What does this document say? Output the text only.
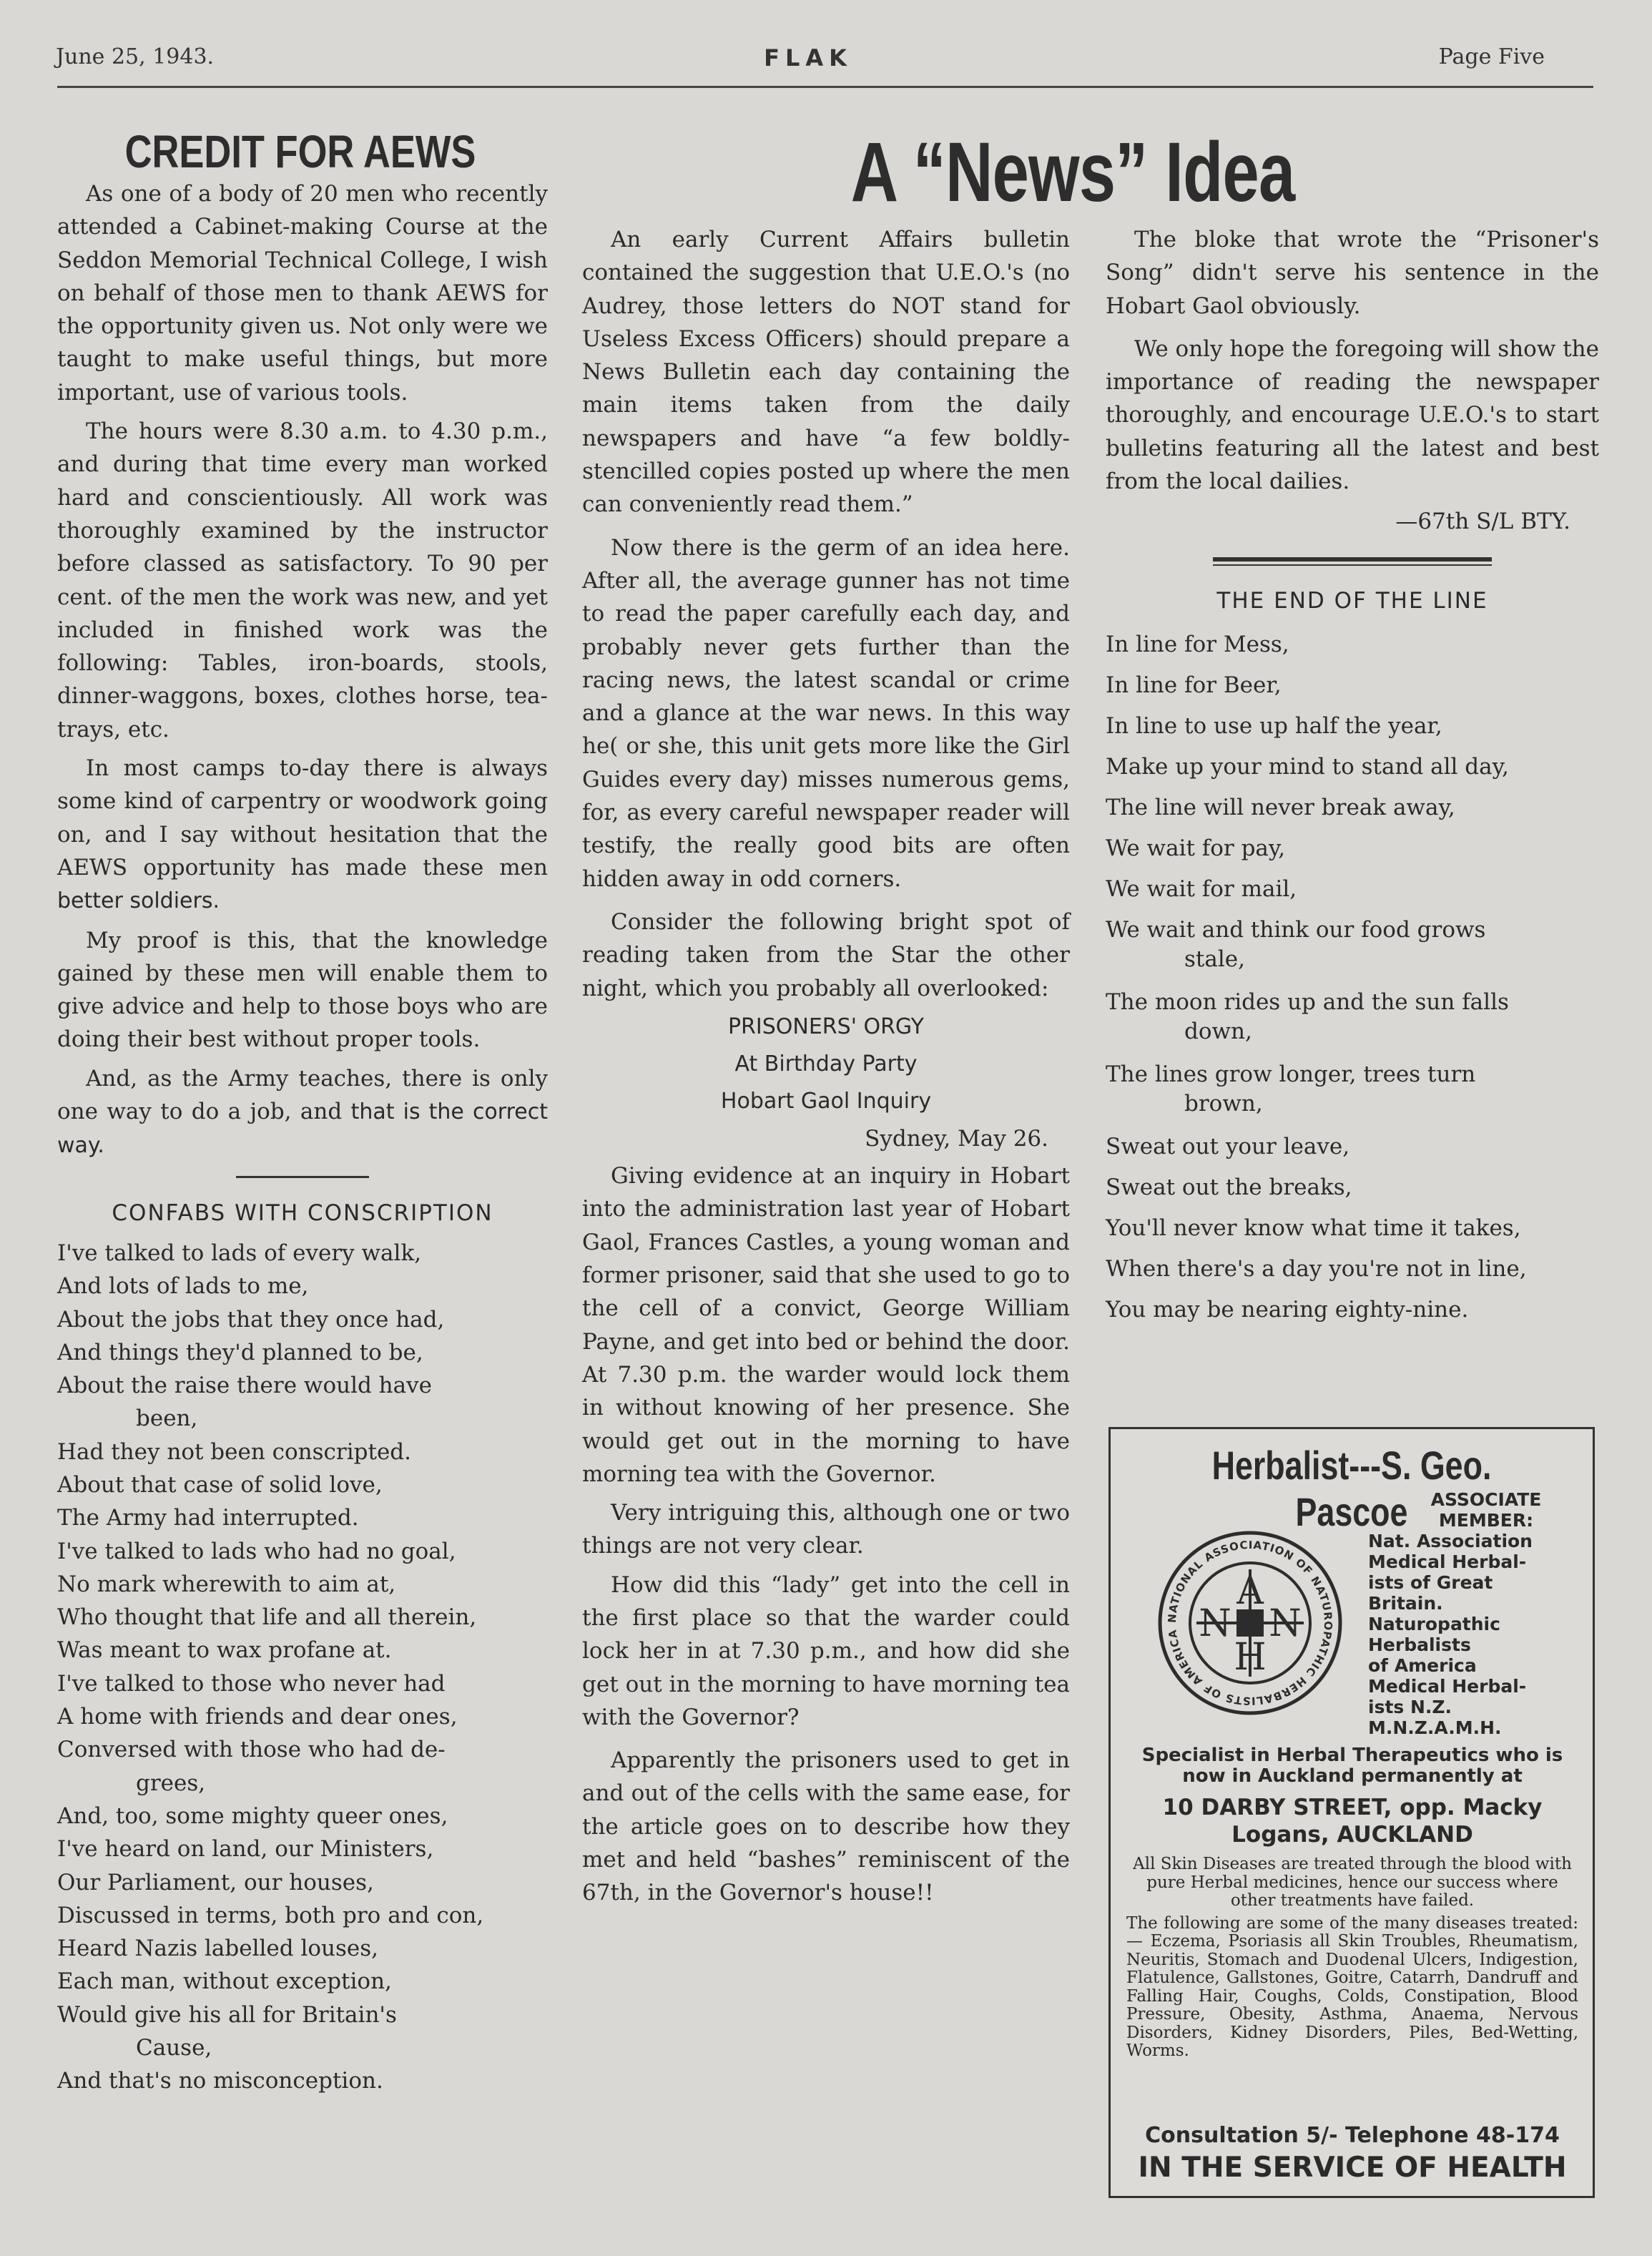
June 25, 1943.	FLAK	Page Five
CREDIT FOR AEWS	A “News” Idea

As one of a body of 20 men who recently attended a Cabinet-making Course at the Seddon Memorial Technical College, I wish on behalf of those men to thank AEWS for the opportunity given us. Not only were we taught to make useful things, but more important, use of various tools.

The hours were 8.30 a.m. to 4.30 p.m., and during that time every man worked hard and conscientiously. All work was thoroughly examined by the instructor before classed as satisfactory. To 90 per cent. of the men the work was new, and yet included in finished work was the following: Tables, iron-boards, stools, dinner-waggons, boxes, clothes horse, tea-trays, etc.

In most camps to-day there is always some kind of carpentry or woodwork going on, and I say without hesitation that the AEWS opportunity has made these men better soldiers.

My proof is this, that the knowledge gained by these men will enable them to give advice and help to those boys who are doing their best without proper tools.

And, as the Army teaches, there is only one way to do a job, and that is the correct way.

CONFABS WITH CONSCRIPTION
I've talked to lads of every walk,
And lots of lads to me,
About the jobs that they once had,
And things they'd planned to be,
About the raise there would have
been,
Had they not been conscripted.
About that case of solid love,
The Army had interrupted.
I've talked to lads who had no goal,
No mark wherewith to aim at,
Who thought that life and all therein,
Was meant to wax profane at.
I've talked to those who never had
A home with friends and dear ones,
Conversed with those who had de-
grees,
And, too, some mighty queer ones,
I've heard on land, our Ministers,
Our Parliament, our houses,
Discussed in terms, both pro and con,
Heard Nazis labelled louses,
Each man, without exception,
Would give his all for Britain's
Cause,
And that's no misconception.

An early Current Affairs bulletin contained the suggestion that U.E.O.'s (no Audrey, those letters do NOT stand for Useless Excess Officers) should prepare a News Bulletin each day containing the main items taken from the daily newspapers and have “a few boldly-stencilled copies posted up where the men can conveniently read them.”

Now there is the germ of an idea here. After all, the average gunner has not time to read the paper carefully each day, and probably never gets further than the racing news, the latest scandal or crime and a glance at the war news. In this way he( or she, this unit gets more like the Girl Guides every day) misses numerous gems, for, as every careful newspaper reader will testify, the really good bits are often hidden away in odd corners.

Consider the following bright spot of reading taken from the Star the other night, which you probably all overlooked:

PRISONERS' ORGY
At Birthday Party
Hobart Gaol Inquiry
Sydney, May 26.

Giving evidence at an inquiry in Hobart into the administration last year of Hobart Gaol, Frances Castles, a young woman and former prisoner, said that she used to go to the cell of a convict, George William Payne, and get into bed or behind the door. At 7.30 p.m. the warder would lock them in without knowing of her presence. She would get out in the morning to have morning tea with the Governor.

Very intriguing this, although one or two things are not very clear.

How did this “lady” get into the cell in the first place so that the warder could lock her in at 7.30 p.m., and how did she get out in the morning to have morning tea with the Governor?

Apparently the prisoners used to get in and out of the cells with the same ease, for the article goes on to describe how they met and held “bashes” reminiscent of the 67th, in the Governor's house!!

The bloke that wrote the “Prisoner's Song” didn't serve his sentence in the Hobart Gaol obviously.

We only hope the foregoing will show the importance of reading the newspaper thoroughly, and encourage U.E.O.'s to start bulletins featuring all the latest and best from the local dailies.

—67th S/L BTY.
THE END OF THE LINE
In line for Mess,
In line for Beer,
In line to use up half the year,
Make up your mind to stand all day,
The line will never break away,
We wait for pay,
We wait for mail,
We wait and think our food grows
stale,
The moon rides up and the sun falls
down,
The lines grow longer, trees turn
brown,
Sweat out your leave,
Sweat out the breaks,
You'll never know what time it takes,
When there's a day you're not in line,
You may be nearing eighty-nine.
Herbalist---S. Geo. Pascoe
NATIONAL ASSOCIATION OF NATUROPATHIC HERBALISTS OF AMERICA
A
N N
H
ASSOCIATE MEMBER:
Nat. Association
Medical Herbal-
ists of Great
Britain.
Naturopathic
Herbalists
of America
Medical Herbal-
ists N.Z.
M.N.Z.A.M.H.
Specialist in Herbal Therapeutics who is now in Auckland permanently at
10 DARBY STREET, opp. Macky Logans, AUCKLAND
All Skin Diseases are treated through the blood with pure Herbal medicines, hence our success where other treatments have failed.
The following are some of the many diseases treated:— Eczema, Psoriasis all Skin Troubles, Rheumatism, Neuritis, Stomach and Duodenal Ulcers, Indigestion, Flatulence, Gallstones, Goitre, Catarrh, Dandruff and Falling Hair, Coughs, Colds, Constipation, Blood Pressure, Obesity, Asthma, Anaema, Nervous Disorders, Kidney Disorders, Piles, Bed-Wetting, Worms.
Consultation 5/- Telephone 48-174
IN THE SERVICE OF HEALTH
